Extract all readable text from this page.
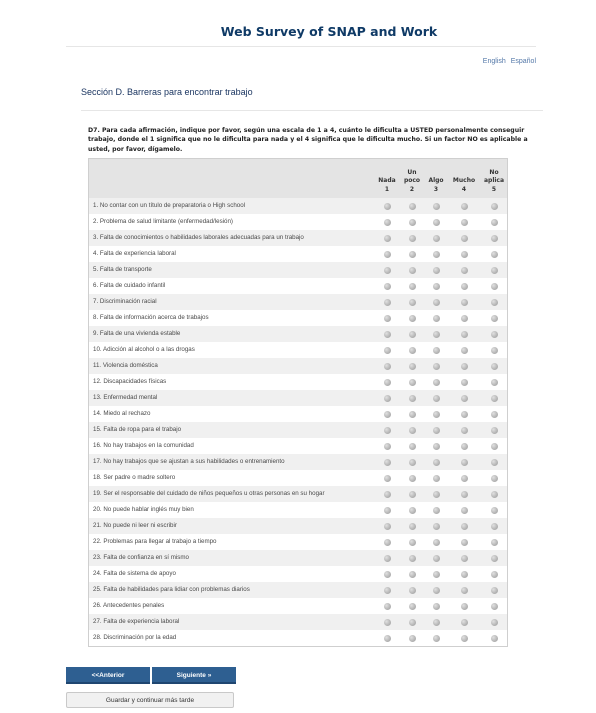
Web Survey of SNAP and Work
English Español
Sección D. Barreras para encontrar trabajo
D7. Para cada afirmación, indique por favor, según una escala de 1 a 4, cuánto le dificulta a USTED personalmente conseguir trabajo, donde el 1 significa que no le dificulta para nada y el 4 significa que le dificulta mucho. Si un factor NO es aplicable a usted, por favor, dígamelo.
Nada
1
Un
poco
2
Algo
3
Mucho
4
No
aplica
5
1. No contar con un título de preparatoria o High school
2. Problema de salud limitante (enfermedad/lesión)
3. Falta de conocimientos o habilidades laborales adecuadas para un trabajo
4. Falta de experiencia laboral
5. Falta de transporte
6. Falta de cuidado infantil
7. Discriminación racial
8. Falta de información acerca de trabajos
9. Falta de una vivienda estable
10. Adicción al alcohol o a las drogas
11. Violencia doméstica
12. Discapacidades físicas
13. Enfermedad mental
14. Miedo al rechazo
15. Falta de ropa para el trabajo
16. No hay trabajos en la comunidad
17. No hay trabajos que se ajustan a sus habilidades o entrenamiento
18. Ser padre o madre soltero
19. Ser el responsable del cuidado de niños pequeños u otras personas en su hogar
20. No puede hablar inglés muy bien
21. No puede ni leer ni escribir
22. Problemas para llegar al trabajo a tiempo
23. Falta de confianza en sí mismo
24. Falta de sistema de apoyo
25. Falta de habilidades para lidiar con problemas diarios
26. Antecedentes penales
27. Falta de experiencia laboral
28. Discriminación por la edad
<<Anterior	Siguiente »
Guardar y continuar más tarde
